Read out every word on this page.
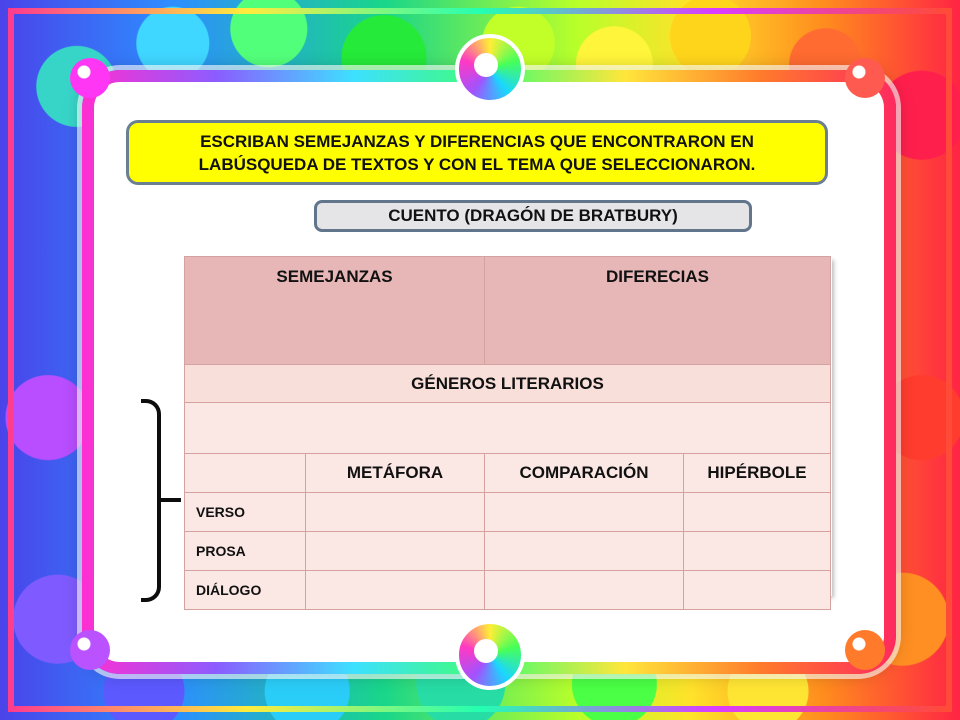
ESCRIBAN SEMEJANZAS Y DIFERENCIAS QUE ENCONTRARON EN
LABÚSQUEDA DE TEXTOS Y CON EL TEMA QUE SELECCIONARON.
CUENTO (DRAGÓN DE BRATBURY)
SEMEJANZAS		DIFERECIAS	
GÉNEROS LITERARIOS			

	METÁFORA	COMPARACIÓN	HIPÉRBOLE
VERSO			
PROSA			
DIÁLOGO			
